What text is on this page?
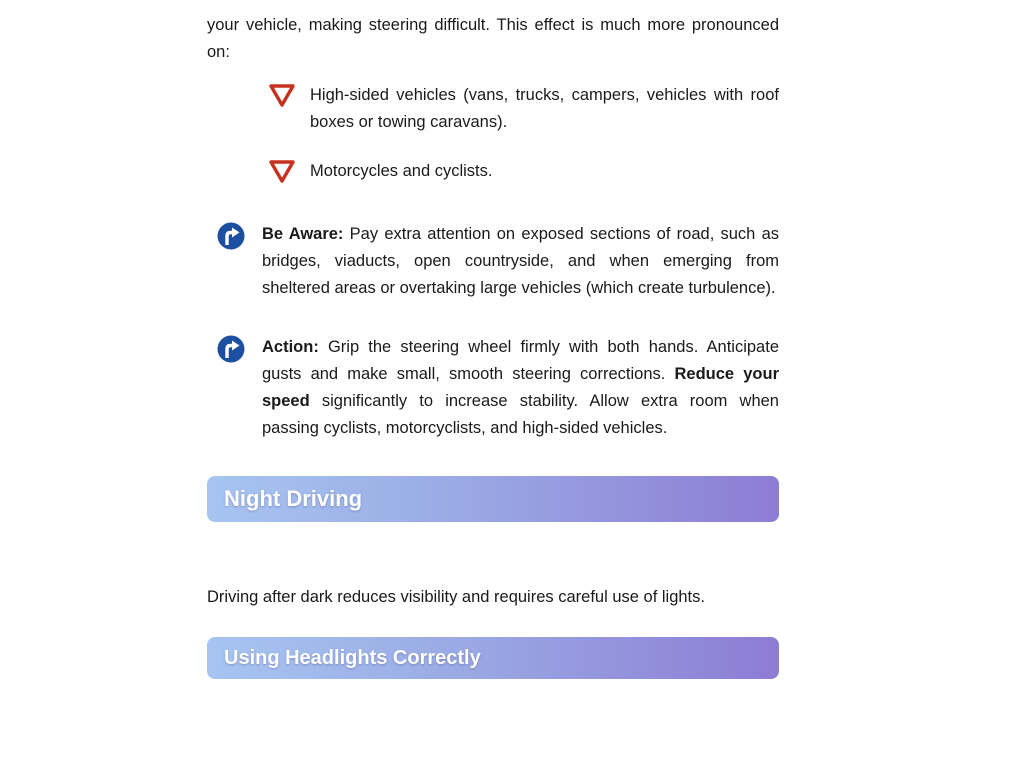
your vehicle, making steering difficult. This effect is much more pronounced on:

High-sided vehicles (vans, trucks, campers, vehicles with roof boxes or towing caravans).
Motorcycles and cyclists.
Be Aware: Pay extra attention on exposed sections of road, such as bridges, viaducts, open countryside, and when emerging from sheltered areas or overtaking large vehicles (which create turbulence).
Action: Grip the steering wheel firmly with both hands. Anticipate gusts and make small, smooth steering corrections. Reduce your speed significantly to increase stability. Allow extra room when passing cyclists, motorcyclists, and high-sided vehicles.
Night Driving

Driving after dark reduces visibility and requires careful use of lights.

Using Headlights Correctly
